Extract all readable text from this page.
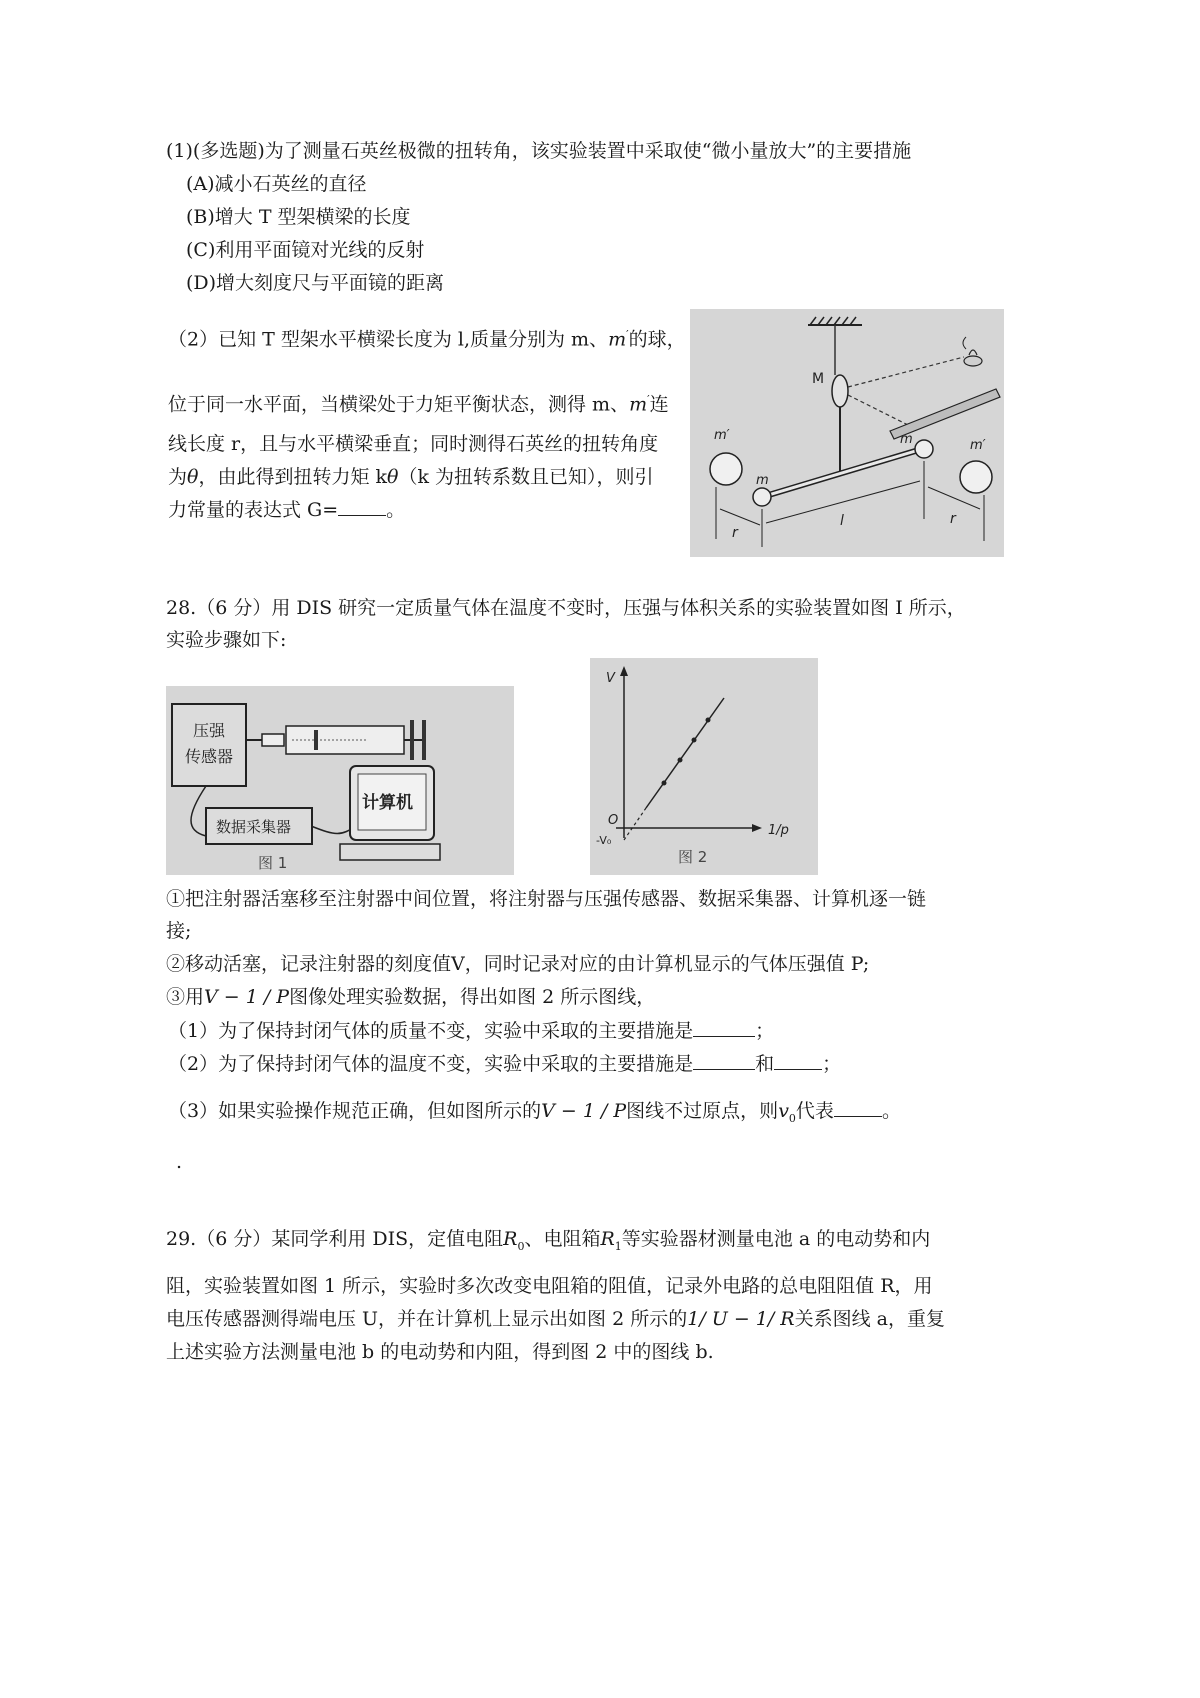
(1)(多选题)为了测量石英丝极微的扭转角，该实验装置中采取使“微小量放大”的主要措施
(A)减小石英丝的直径
(B)增大 T 型架横梁的长度
(C)利用平面镜对光线的反射
(D)增大刻度尺与平面镜的距离
（2）已知 T 型架水平横梁长度为 l,质量分别为 m、m′的球，
位于同一水平面，当横梁处于力矩平衡状态，测得 m、m′连
线长度 r，且与水平横梁垂直；同时测得石英丝的扭转角度
为θ，由此得到扭转力矩 kθ（k 为扭转系数且已知），则引
力常量的表达式 G=	。
M
m
m
m′
m′
r
l	r
28.（6 分）用 DIS 研究一定质量气体在温度不变时，压强与体积关系的实验装置如图 I 所示，
实验步骤如下:
压强
传感器
数据采集器
计算机
图 1
V
1/p
O
-V₀
图 2
①把注射器活塞移至注射器中间位置，将注射器与压强传感器、数据采集器、计算机逐一链
接;
②移动活塞，记录注射器的刻度值V，同时记录对应的由计算机显示的气体压强值 P;
③用V − 1 / P图像处理实验数据，得出如图 2 所示图线，
（1）为了保持封闭气体的质量不变，实验中采取的主要措施是	；
（2）为了保持封闭气体的温度不变，实验中采取的主要措施是	和	；
（3）如果实验操作规范正确，但如图所示的V − 1 / P图线不过原点，则$v_0$代表	。
.
29.（6 分）某同学利用 DIS，定值电阻$R_0$、电阻箱$R_1$等实验器材测量电池 a 的电动势和内
阻，实验装置如图 1 所示，实验时多次改变电阻箱的阻值，记录外电路的总电阻阻值 R，用
电压传感器测得端电压 U，并在计算机上显示出如图 2 所示的1/ U − 1/ R关系图线 a，重复
上述实验方法测量电池 b 的电动势和内阻，得到图 2 中的图线 b.
